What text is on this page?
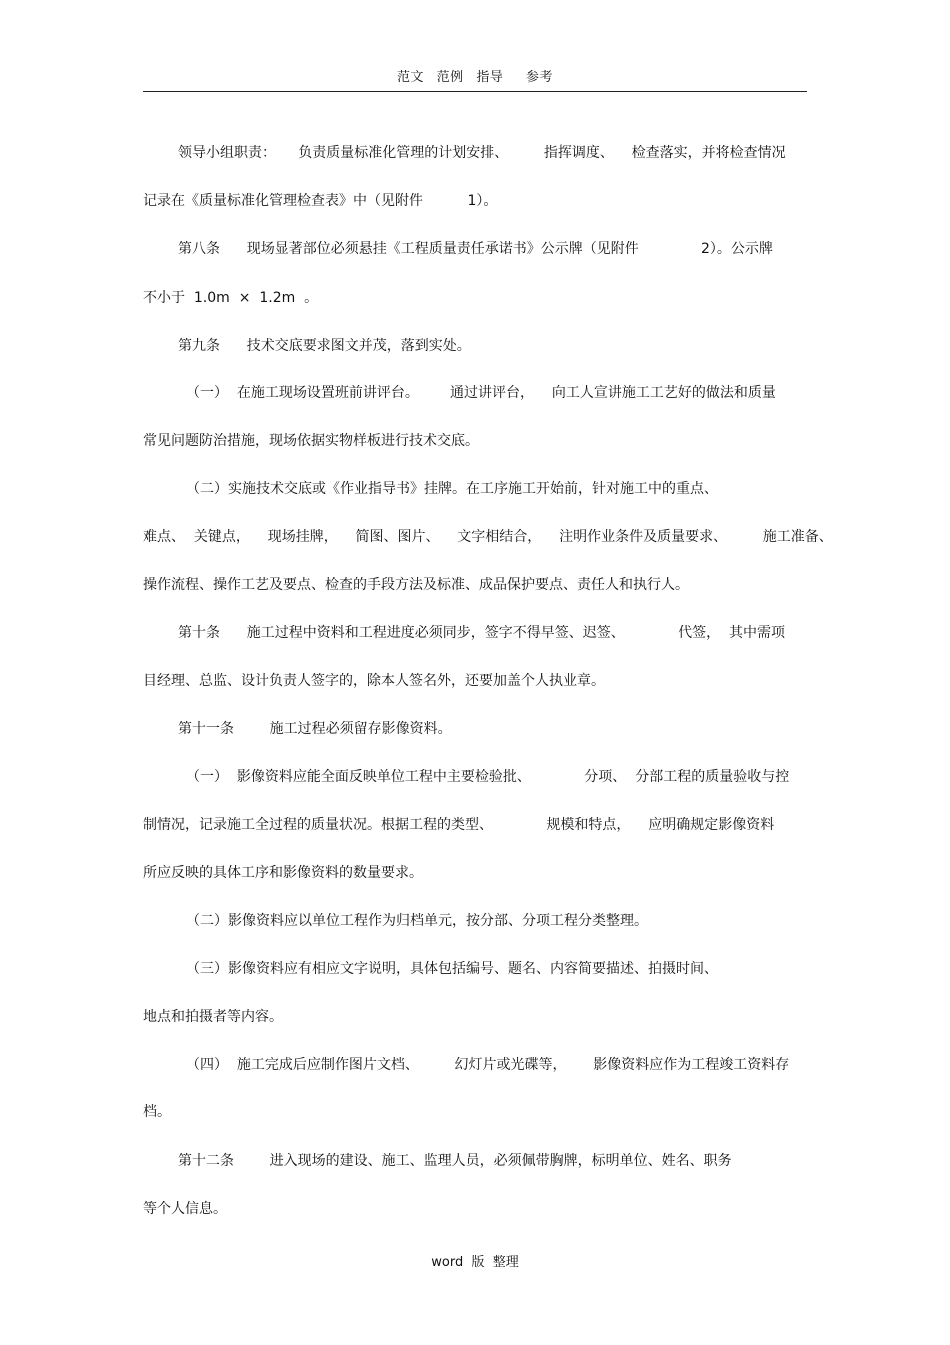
范文 范例 指导 参考
领导小组职责：     负责质量标准化管理的计划安排、        指挥调度、    检查落实，并将检查情况
记录在《质量标准化管理检查表》中（见附件          1）。
第八条      现场显著部位必须悬挂《工程质量责任承诺书》公示牌（见附件              2）。公示牌
不小于  1.0m  ×  1.2m  。
第九条      技术交底要求图文并茂，落到实处。
（一）  在施工现场设置班前讲评台。       通过讲评台，    向工人宣讲施工工艺好的做法和质量
常见问题防治措施，现场依据实物样板进行技术交底。
（二）实施技术交底或《作业指导书》挂牌。在工序施工开始前，针对施工中的重点、
难点、  关键点，    现场挂牌，    简图、图片、    文字相结合，    注明作业条件及质量要求、        施工准备、
操作流程、操作工艺及要点、检查的手段方法及标准、成品保护要点、责任人和执行人。
第十条      施工过程中资料和工程进度必须同步，签字不得早签、迟签、            代签，  其中需项
目经理、总监、设计负责人签字的，除本人签名外，还要加盖个人执业章。
第十一条        施工过程必须留存影像资料。
（一）  影像资料应能全面反映单位工程中主要检验批、            分项、  分部工程的质量验收与控
制情况，记录施工全过程的质量状况。根据工程的类型、            规模和特点，    应明确规定影像资料
所应反映的具体工序和影像资料的数量要求。
（二）影像资料应以单位工程作为归档单元，按分部、分项工程分类整理。
（三）影像资料应有相应文字说明，具体包括编号、题名、内容简要描述、拍摄时间、
地点和拍摄者等内容。
（四）  施工完成后应制作图片文档、        幻灯片或光碟等，      影像资料应作为工程竣工资料存
档。
第十二条        进入现场的建设、施工、监理人员，必须佩带胸牌，标明单位、姓名、职务
等个人信息。
word  版  整理
